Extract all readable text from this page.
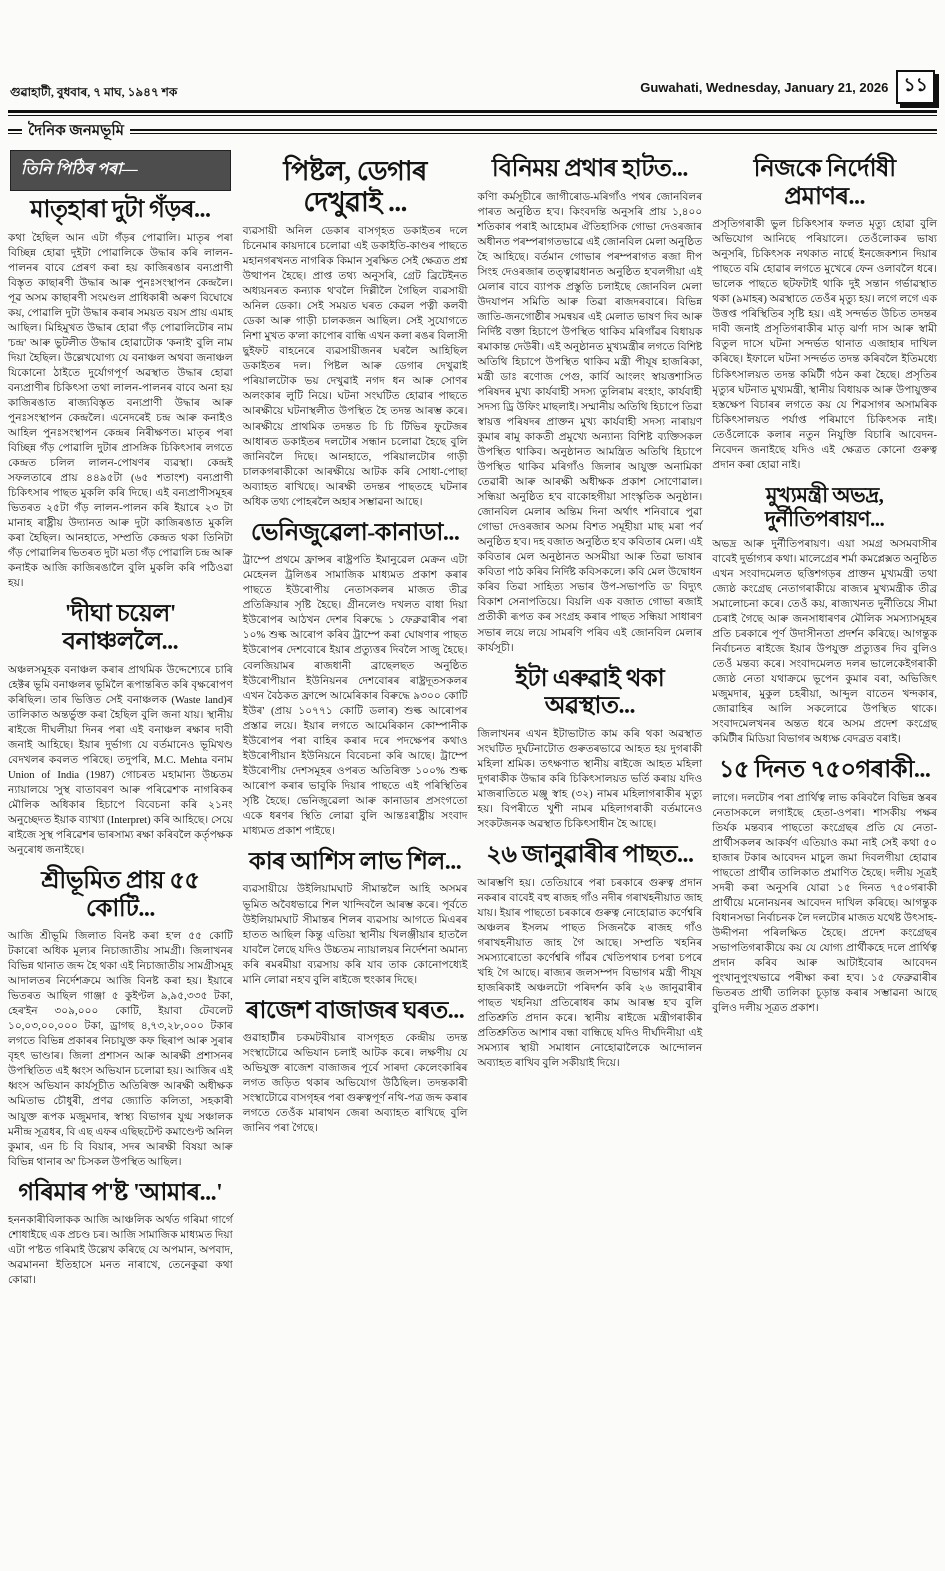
গুৱাহাটী, বুধবাৰ, ৭ মাঘ, ১৯৪৭ শক	Guwahati, Wednesday, January 21, 2026 ১১
দৈনিক জনমভূমি
তিনি পিঠিৰ পৰা—
মাতৃহাৰা দুটা গঁড়ৰ...
কথা হৈছিল আন এটা গঁড়ৰ পোৱালি। মাতৃৰ পৰা বিচ্ছিন্ন হোৱা দুইটা পোৱালিকে উদ্ধাৰ কৰি লালন-পালনৰ বাবে প্ৰেৰণ কৰা হয় কাজিৰঙাৰ বন্যপ্ৰাণী বিস্তৃত কাছাৰণী উদ্ধাৰ আৰু পুনঃসংস্থাপন কেন্দ্ৰলৈ। পূৱ অসম কাছাৰণী সংমণ্ডল প্ৰাধিকাৰী অৰুণ বিঘোষে কয়, পোৱালি দুটা উদ্ধাৰ কৰাৰ সময়ত বয়স প্ৰায় এমাহ আছিল। মিহিমুখত উদ্ধাৰ হোৱা গঁড় পোৱালিটোৰ নাম 'চন্দ্ৰ' আৰু ভুটলীত উদ্ধাৰ হোৱাটোক 'কনাই' বুলি নাম দিয়া হৈছিল। উল্লেখযোগ্য যে বনাঞ্চল অথবা জনাঞ্চল যিকোনো ঠাইতে দুৰ্যোগপূৰ্ণ অৱস্থাত উদ্ধাৰ হোৱা বন্যপ্ৰাণীৰ চিকিৎসা তথা লালন-পালনৰ বাবে অনা হয় কাজিৰঙাত ৰাজ্যবিস্তৃত বন্যপ্ৰাণী উদ্ধাৰ আৰু পুনঃসংস্থাপন কেন্দ্ৰলৈ। এনেদৰেই চন্দ্ৰ আৰু কনাইও আহিল পুনঃসংস্থাপন কেন্দ্ৰৰ নিৰীক্ষণত। মাতৃৰ পৰা বিচ্ছিন্ন গঁড় পোৱালি দুটাৰ প্ৰাসঙ্গিক চিকিৎসাৰ লগতে কেন্দ্ৰত চলিল লালন-পোষণৰ ব্যৱস্থা। কেন্দ্ৰই সফলতাৰে প্ৰায় ৪৪৯৫টা (৬৫ শতাংশ) বন্যপ্ৰাণী চিকিৎসাৰ পাছত মুকলি কৰি দিছে। এই বন্যপ্ৰাণীসমূহৰ ভিতৰত ২৫টা গঁড় লালন-পালন কৰি ইয়াৰে ২৩ টা মানাহ ৰাষ্ট্ৰীয় উদ্যানত আৰু দুটা কাজিৰঙাত মুকলি কৰা হৈছিল। আনহাতে, সম্প্ৰতি কেন্দ্ৰত থকা তিনিটা গঁড় পোৱালিৰ ভিতৰত দুটা মতা গঁড় পোৱালি চন্দ্ৰ আৰু কনাইক আজি কাজিৰঙালৈ বুলি মুকলি কৰি পঠিওৱা হয়।
'দীঘা চয়েল' বনাঞ্চললৈ...
অঞ্চলসমূহক বনাঞ্চল কৰাৰ প্ৰাথমিক উদ্দেশ্যেৰে চাৰি হেক্টৰ ভূমি বনাঞ্চলৰ ভূমিলৈ ৰূপান্তৰিত কৰি বৃক্ষৰোপণ কৰিছিল। তাৰ ভিত্তিত সেই বনাঞ্চলক (Waste land)ৰ তালিকাত অন্তৰ্ভুক্ত কৰা হৈছিল বুলি জনা যায়। স্থানীয় ৰাইজে দীঘলীয়া দিনৰ পৰা এই বনাঞ্চল ৰক্ষাৰ দাবী জনাই আহিছে। ইয়াৰ দুৰ্ভাগ্য যে বৰ্তমানেও ভূমিখণ্ড বেদখলৰ কবলত পৰিছে। তদুপৰি, M.C. Mehta বনাম Union of India (1987) গোচৰত মহামান্য উচ্চতম ন্যায়ালয়ে 'সুস্থ বাতাবৰণ আৰু পৰিৱেশ'ক নাগৰিকৰ মৌলিক অধিকাৰ হিচাপে বিবেচনা কৰি ২১নং অনুচ্ছেদত ইয়াক ব্যাখ্যা (Interpret) কৰি আহিছে। সেয়ে ৰাইজে সুস্থ পৰিৱেশৰ ভাৰসাম্য ৰক্ষা কৰিবলৈ কৰ্তৃপক্ষক অনুৰোধ জনাইছে।
শ্ৰীভূমিত প্ৰায় ৫৫ কোটি...
আজি শ্ৰীভূমি জিলাত বিনষ্ট কৰা হ'ল ৫৫ কোটি টকাৰো অধিক মূল্যৰ নিচাজাতীয় সামগ্ৰী। জিলাখনৰ বিভিন্ন থানাত জব্দ হৈ থকা এই নিচাজাতীয় সামগ্ৰীসমূহ আদালতৰ নিৰ্দেশক্ৰমে আজি বিনষ্ট কৰা হয়। ইয়াৰে ভিতৰত আছিল গাঞ্জা ৫ কুইণ্টল ৯,৯৫,৩৩৫ টকা, হেৰ'ইন ৩০৯,০০০ কোটি, ইয়াবা টেবলেট ১০,০৩,০০,০০০ টকা, ড্ৰাগছ ৪,৭৩,২৮,০০০ টকাৰ লগতে বিভিন্ন প্ৰকাৰৰ নিচাযুক্ত কফ ছিৰাপ আৰু সুৰাৰ বৃহৎ ভাণ্ডাৰ। জিলা প্ৰশাসন আৰু আৰক্ষী প্ৰশাসনৰ উপস্থিতিত এই ধ্বংস অভিযান চলোৱা হয়। আজিৰ এই ধ্বংস অভিযান কাৰ্যসূচীত অতিৰিক্ত আৰক্ষী অধীক্ষক অমিতাভ চৌধুৰী, প্ৰণৱ জ্যোতি কলিতা, সহকাৰী আয়ুক্ত ৰূপক মজুমদাৰ, স্বাস্থ্য বিভাগৰ যুগ্ম সঞ্চালক মনীন্দ্ৰ সূত্ৰধৰ, বি এছ এফৰ এছিছটেণ্ট কমাণ্ডেণ্ট অনিল কুমাৰ, এন চি বি বিয়াৰ, সদৰ আৰক্ষী বিষয়া আৰু বিভিন্ন থানাৰ অ' চিসকল উপস্থিত আছিল।
গৰিমাৰ প'ষ্ট 'আমাৰ...'
হননকাৰীবিলাকক আজি আঞ্চলিক অৰ্থত গৰিমা গাৰ্গে শোধাইছে এক প্ৰচণ্ড চৰ। আজি সামাজিক মাধ্যমত দিয়া এটা প'ষ্টত গৰিমাই উল্লেখ কৰিছে যে অপমান, অপবাদ, অৱমাননা ইতিহাসে মনত নাৰাখে, তেনেকুৱা কথা কোৱা।
পিষ্টল, ডেগাৰ দেখুৱাই ...
ব্যৱসায়ী অনিল ডেকাৰ বাসগৃহত ডকাইতৰ দলে চিনেমাৰ কায়দাৰে চলোৱা এই ডকাইতি-কাণ্ডৰ পাছতে মহানগৰখনত নাগৰিক কিমান সুৰক্ষিত সেই ক্ষেত্ৰত প্ৰশ্ন উত্থাপন হৈছে। প্ৰাপ্ত তথ্য অনুসৰি, গ্ৰেট ব্ৰিটেইনত অধ্যয়নৰত কন্যাক থ'বলৈ দিল্লীলৈ গৈছিল ব্যৱসায়ী অনিল ডেকা। সেই সময়ত ঘৰত কেৱল পত্নী কলবী ডেকা আৰু গাড়ী চালকজন আছিল। সেই সুযোগতে নিশা মুখত ক'লা কাপোৰ বান্ধি এখন কলা ৰঙৰ বিলাসী ছুইফট বাহনেৰে ব্যৱসায়ীজনৰ ঘৰলৈ আহিছিল ডকাইতৰ দল। পিষ্টল আৰু ডেগাৰ দেখুৱাই পৰিয়ালটোক ভয় দেখুৱাই নগদ ধন আৰু সোণৰ অলংকাৰ লুটি নিয়ে। ঘটনা সংঘটিত হোৱাৰ পাছতে আৰক্ষীয়ে ঘটনাস্থলীত উপস্থিত হৈ তদন্ত আৰম্ভ কৰে। আৰক্ষীয়ে প্ৰাথমিক তদন্তত চি চি টিভিৰ ফুটেজৰ আধাৰত ডকাইতৰ দলটোৰ সন্ধান চলোৱা হৈছে বুলি জানিবলৈ দিছে। আনহাতে, পৰিয়ালটোৰ গাড়ী চালকগৰাকীকো আৰক্ষীয়ে আটক কৰি সোধা-পোছা অব্যাহত ৰাখিছে। আৰক্ষী তদন্তৰ পাছতহে ঘটনাৰ অধিক তথ্য পোহৰলৈ অহাৰ সম্ভাৱনা আছে।
ভেনিজুৱেলা-কানাডা...
ট্ৰাম্পে প্ৰথমে ফ্ৰান্সৰ ৰাষ্ট্ৰপতি ইমানুৱেল মেক্ৰন এটা মেহেনল ট্ৰলিঙৰ সামাজিক মাধ্যমত প্ৰকাশ কৰাৰ পাছতে ইউৰোপীয় নেতাসকলৰ মাজত তীব্ৰ প্ৰতিক্ৰিয়াৰ সৃষ্টি হৈছে। গ্ৰীনলেণ্ড দখলত বাধা দিয়া ইউৰোপৰ আঠখন দেশৰ বিৰুদ্ধে ১ ফেব্ৰুৱাৰীৰ পৰা ১০% শুল্ক আৰোপ কৰিব ট্ৰাম্পে কৰা ঘোষণাৰ পাছত ইউৰোপৰ দেশবোৰে ইয়াৰ প্ৰত্যুত্তৰ দিবলৈ সাজু হৈছে। বেলজিয়ামৰ ৰাজধানী ব্ৰাছেলছত অনুষ্ঠিত ইউৰোপীয়ান ইউনিয়নৰ দেশবোৰৰ ৰাষ্ট্ৰদূতসকলৰ এখন বৈঠকত ফ্ৰান্সে আমেৰিকাৰ বিৰুদ্ধে ৯৩০০ কোটি ইউৰ' (প্ৰায় ১০৭৭১ কোটি ডলাৰ) শুল্ক আৰোপৰ প্ৰস্তাৱ লয়ে। ইয়াৰ লগতে আমেৰিকান কোম্পানীক ইউৰোপৰ পৰা বাহিৰ কৰাৰ দৰে পদক্ষেপৰ কথাও ইউৰোপীয়ান ইউনিয়নে বিবেচনা কৰি আছে। ট্ৰাম্পে ইউৰোপীয় দেশসমূহৰ ওপৰত অতিৰিক্ত ১০০% শুল্ক আৰোপ কৰাৰ ভাবুকি দিয়াৰ পাছতে এই পৰিস্থিতিৰ সৃষ্টি হৈছে। ভেনিজুৱেলা আৰু কানাডাৰ প্ৰসংগতো একে ধৰণৰ স্থিতি লোৱা বুলি আন্তঃৰাষ্ট্ৰীয় সংবাদ মাধ্যমত প্ৰকাশ পাইছে।
কাৰ আশিস লাভ শিল...
ব্যৱসায়ীয়ে উইলিয়ামঘাট সীমান্তলৈ আহি অসমৰ ভূমিত অবৈধভাৱে শিল খান্দিবলৈ আৰম্ভ কৰে। পূৰ্বতে উইলিয়ামঘাট সীমান্তৰ শিলৰ ব্যৱসায় আগতে মিএৰৰ হাতত আছিল কিন্তু এতিয়া স্থানীয় খিলঞ্জীয়াৰ হাতলৈ যাবলৈ লৈছে যদিও উচ্চতম ন্যায়ালয়ৰ নিৰ্দেশনা অমান্য কৰি ৰমৰমীয়া ব্যৱসায় কৰি যাব তাক কোনোপধ্যেই মানি লোৱা নহ'ব বুলি ৰাইজে হুংকাৰ দিছে।
ৰাজেশ বাজাজৰ ঘৰত...
গুৱাহাটীৰ চকমটবীয়াৰ বাসগৃহত কেন্দ্ৰীয় তদন্ত সংস্থাটোৱে অভিযান চলাই আটক কৰে। লক্ষণীয় যে অভিযুক্ত ৰাজেশ বাজাজৰ পূৰ্বে সাৰদা কেলেংকাৰিৰ লগত জড়িত থকাৰ অভিযোগ উঠিছিল। তদন্তকাৰী সংস্থাটোৱে বাসগৃহৰ পৰা গুৰুত্বপূৰ্ণ নথি-পত্ৰ জব্দ কৰাৰ লগতে তেওঁক মাৰাথন জেৰা অব্যাহত ৰাখিছে বুলি জানিব পৰা গৈছে।
বিনিময় প্ৰথাৰ হাটত...
কণিা কৰ্মসূচীৰে জাগীৰোড-মৰিগাঁও পথৰ জোনবিলৰ পাৰত অনুষ্ঠিত হ'ব। কিংবদন্তি অনুসৰি প্ৰায় ১,৪০০ শতিকাৰ পৰাই আহোমৰ ঐতিহাসিক গোভা দেওৰজাৰ অধীনত পৰম্পৰাগতভাৱে এই জোনবিল মেলা অনুষ্ঠিত হৈ আহিছে। বৰ্তমান গোভাৰ পৰম্পৰাগত ৰজা দীপ সিংহ দেওৰজাৰ তত্ত্বাৱধানত অনুষ্ঠিত হ'বলগীয়া এই মেলাৰ বাবে ব্যাপক প্ৰস্তুতি চলাইছে জোনবিল মেলা উদযাপন সমিতি আৰু তিৱা ৰাজদৰবাৰে। বিভিন্ন জাতি-জনগোষ্ঠীৰ সমন্বয়ৰ এই মেলাত ভাষণ দিব আৰু নিৰ্দিষ্ট বক্তা হিচাপে উপস্থিত থাকিব মৰিগাঁৱৰ বিধায়ক ৰমাকান্ত দেউৰী। এই অনুষ্ঠানত মুখ্যমন্ত্ৰীৰ লগতে বিশিষ্ট অতিথি হিচাপে উপস্থিত থাকিব মন্ত্ৰী পীযূষ হাজৰিকা, মন্ত্ৰী ডাঃ ৰণোজ পেগু, কাৰ্বি আংলং স্বায়ত্তশাসিত পৰিষদৰ মুখ্য কাৰ্যবাহী সদস্য তুলিৰাম ৰংহাং, কাৰ্যবাহী সদস্য ড্ৰি উফিং মাছলাই। সম্মানীয় অতিথি হিচাপে তিৱা স্বায়ত্ত পৰিষদৰ প্ৰাক্তন মুখ্য কাৰ্যবাহী সদস্য নাৰায়ণ কুমাৰ ৰামু কাকতী প্ৰমুখ্যে অন্যান্য বিশিষ্ট ব্যক্তিসকল উপস্থিত থাকিব। অনুষ্ঠানত আমন্ত্ৰিত অতিথি হিচাপে উপস্থিত থাকিব মৰিগাঁও জিলাৰ আয়ুক্ত অনামিকা তেৱাৰী আৰু আৰক্ষী অধীক্ষক প্ৰকাশ সোণোৱাল। সন্ধিয়া অনুষ্ঠিত হ'ব বাকোহগীয়া সাংস্কৃতিক অনুষ্ঠান। জোনবিল মেলাৰ অন্তিম দিনা অৰ্থাৎ শনিবাৰে পুৱা গোভা দেওৰজাৰ অসম বিশত সমূহীয়া মাছ মৰা পৰ্ব অনুষ্ঠিত হ'ব। দহ বজাত অনুষ্ঠিত হ'ব কবিতাৰ মেল। এই কবিতাৰ মেল অনুষ্ঠানত অসমীয়া আৰু তিৱা ভাষাৰ কবিতা পাঠ কৰিব নিৰ্দিষ্ট কবিসকলে। কবি মেল উদ্বোধন কৰিব তিৱা সাহিত্য সভাৰ উপ-সভাপতি ড' বিদ্যুৎ বিকাশ সেনাপতিয়ে। বিয়লি এক বজাত গোভা ৰজাই প্ৰতীকী ৰূপত কৰ সংগ্ৰহ কৰাৰ পাছত সন্ধিয়া সাধাৰণ সভাৰ লয়ে লয়ে সামৰণি পৰিব এই জোনবিল মেলাৰ কাৰ্যসূচী।
ইটা এৰুৱাই থকা অৱস্থাত...
জিলাখনৰ এখন ইটাভাটাত কাম কৰি থকা অৱস্থাত সংঘটিত দুৰ্ঘটনাটোত গুৰুতৰভাৱে আহত হয় দুগৰাকী মহিলা শ্ৰমিক। তৎক্ষণাত স্থানীয় ৰাইজে আহত মহিলা দুগৰাকীক উদ্ধাৰ কৰি চিকিৎসালয়ত ভৰ্তি কৰায় যদিও মাজৰাতিতে মঞ্জু স্বাহ (৩২) নামৰ মহিলাগৰাকীৰ মৃত্যু হয়। বিপৰীতে খুশী নামৰ মহিলাগৰাকী বৰ্তমানেও সংকটজনক অৱস্থাত চিকিৎসাধীন হৈ আছে।
২৬ জানুৱাৰীৰ পাছত...
আৰম্ভণি হয়। তেতিয়াৰে পৰা চৰকাৰে গুৰুত্ব প্ৰদান নকৰাৰ বাবেই বহু ৰাজহ গাঁও নদীৰ গৰাখহনীয়াত জাহ যায়। ইয়াৰ পাছতো চৰকাৰে গুৰুত্ব নোহোৱাত কৰ্ণেশ্বৰি অঞ্চলৰ ইসলম পাছত সিজনকৈ ৰাজহ গাঁও গৰাখহনীয়াত জাহ গৈ আছে। সম্প্ৰতি খহনিৰ সমস্যাৰোতো কৰ্ণেশ্বৰি গাঁৱৰ খেতিপথাৰ চপৰা চপৰে খহি গৈ আছে। ৰাজ্যৰ জলসম্পদ বিভাগৰ মন্ত্ৰী পীযূষ হাজৰিকাই অঞ্চলটো পৰিদৰ্শন কৰি ২৬ জানুৱাৰীৰ পাছত খহনিয়া প্ৰতিৰোধৰ কাম আৰম্ভ হ'ব বুলি প্ৰতিশ্ৰুতি প্ৰদান কৰে। স্থানীয় ৰাইজে মন্ত্ৰীগৰাকীৰ প্ৰতিশ্ৰুতিত আশাৰ বন্ধা বান্ধিছে যদিও দীৰ্ঘদিনীয়া এই সমস্যাৰ স্থায়ী সমাধান নোহোৱালৈকে আন্দোলন অব্যাহত ৰাখিব বুলি সকীয়াই দিয়ে।
নিজকে নিৰ্দোষী প্ৰমাণৰ...
প্ৰসৃতিগৰাকী ভুল চিকিৎসাৰ ফলত মৃত্যু হোৱা বুলি অভিযোগ আনিছে পৰিয়ালে। তেওঁলোকৰ ভাষ্য অনুসৰি, চিকিৎসক নথকাত নাৰ্ছে ইনজেকশ্যন দিয়াৰ পাছতে বমি হোৱাৰ লগতে মুখেৰে ফেন ওলাবলৈ ধৰে। ভালেক পাছতে ছটফটাই থাকি দুই সন্তান গৰ্ভাৱস্থাত থকা (৯মাহৰ) অৱস্থাতে তেওঁৰ মৃত্যু হয়। লগে লগে এক উত্তপ্ত পৰিস্থিতিৰ সৃষ্টি হয়। এই সন্দৰ্ভত উচিত তদন্তৰ দাবী জনাই প্ৰসৃতিগৰাকীৰ মাতৃ ঝৰ্ণা দাস আৰু স্বামী বিতুল দাসে ঘটনা সন্দৰ্ভত থানাত এজাহাৰ দাখিল কৰিছে। ইফালে ঘটনা সন্দৰ্ভত তদন্ত কৰিবলৈ ইতিমধ্যে চিকিৎসালয়ত তদন্ত কমিটী গঠন কৰা হৈছে। প্ৰসৃতিৰ মৃত্যুৰ ঘটনাত মুখ্যমন্ত্ৰী, স্থানীয় বিধায়ক আৰু উপায়ুক্তৰ হস্তক্ষেপ বিচাৰৰ লগতে কয় যে শিৱসাগৰ অসামৰিক চিকিৎসালয়ত পৰ্যাপ্ত পৰিমাণে চিকিৎসক নাই। তেওঁলোকে কলাৰ নতুন নিযুক্তি বিচাৰি আবেদন-নিবেদন জনাইছে যদিও এই ক্ষেত্ৰত কোনো গুৰুত্ব প্ৰদান কৰা হোৱা নাই।
মুখ্যমন্ত্ৰী অভদ্ৰ, দুৰ্নীতিপৰায়ণ...
অভদ্ৰ আৰু দুৰ্নীতিপৰায়ণ। এয়া সমগ্ৰ অসমবাসীৰ বাবেই দুৰ্ভাগ্যৰ কথা। মালেগ্ৰেৰ শৰ্মা কমপ্লেক্সত অনুষ্ঠিত এখন সংবাদমেলত ছত্তিশগড়ৰ প্ৰাক্তন মুখ্যমন্ত্ৰী তথা জ্যেষ্ঠ কংগ্ৰেছ নেতাগৰাকীয়ে ৰাজ্যৰ মুখ্যমন্ত্ৰীক তীব্ৰ সমালোচনা কৰে। তেওঁ কয়, ৰাজ্যখনত দুৰ্নীতিয়ে সীমা চেৰাই গৈছে আৰু জনসাধাৰণৰ মৌলিক সমস্যাসমূহৰ প্ৰতি চৰকাৰে পূৰ্ণ উদাসীনতা প্ৰদৰ্শন কৰিছে। আগন্তুক নিৰ্বাচনত ৰাইজে ইয়াৰ উপযুক্ত প্ৰত্যুত্তৰ দিব বুলিও তেওঁ মন্তব্য কৰে। সংবাদমেলত দলৰ ভালেকেইগৰাকী জ্যেষ্ঠ নেতা যথাক্ৰমে ভূপেন কুমাৰ বৰা, অভিজিৎ মজুমদাৰ, মুকুল চহৰীয়া, আব্দুল বাতেন খন্দকাৰ, জোৱাহিৰ আলি সকলোৱে উপস্থিত থাকে। সংবাদমেলখনৰ অন্তত ধৰে অসম প্ৰদেশ কংগ্ৰেছ কমিটীৰ মিডিয়া বিভাগৰ অধ্যক্ষ বেদব্ৰত বৰাই।
১৫ দিনত ৭৫০গৰাকী...
লাগে। দলটোৰ পৰা প্ৰাৰ্থিত্ব লাভ কৰিবলৈ বিভিন্ন স্তৰৰ নেতাসকলে লগাইছে হেতা-ওপৰা। শাসকীয় পক্ষৰ তিৰ্যক মন্তব্যৰ পাছতো কংগ্ৰেছৰ প্ৰতি যে নেতা-প্ৰাৰ্থীসকলৰ আকৰ্ষণ এতিয়াও কমা নাই সেই কথা ৫০ হাজাৰ টকাৰ আবেদন মাচুল জমা দিবলগীয়া হোৱাৰ পাছতো প্ৰাৰ্থীৰ তালিকাত প্ৰমাণিত হৈছে। দলীয় সূত্ৰই সদৰী কৰা অনুসৰি যোৱা ১৫ দিনত ৭৫০গৰাকী প্ৰাৰ্থীয়ে মনোনয়নৰ আবেদন দাখিল কৰিছে। আগন্তুক বিধানসভা নিৰ্বাচনক লৈ দলটোৰ মাজত যথেষ্ট উৎসাহ-উদ্দীপনা পৰিলক্ষিত হৈছে। প্ৰদেশ কংগ্ৰেছৰ সভাপতিগৰাকীয়ে কয় যে যোগ্য প্ৰাৰ্থীকহে দলে প্ৰাৰ্থিত্ব প্ৰদান কৰিব আৰু আটাইবোৰ আবেদন পুংখানুপুংখভাৱে পৰীক্ষা কৰা হ'ব। ১৫ ফেব্ৰুৱাৰীৰ ভিতৰত প্ৰাৰ্থী তালিকা চূড়ান্ত কৰাৰ সম্ভাৱনা আছে বুলিও দলীয় সূত্ৰত প্ৰকাশ।
